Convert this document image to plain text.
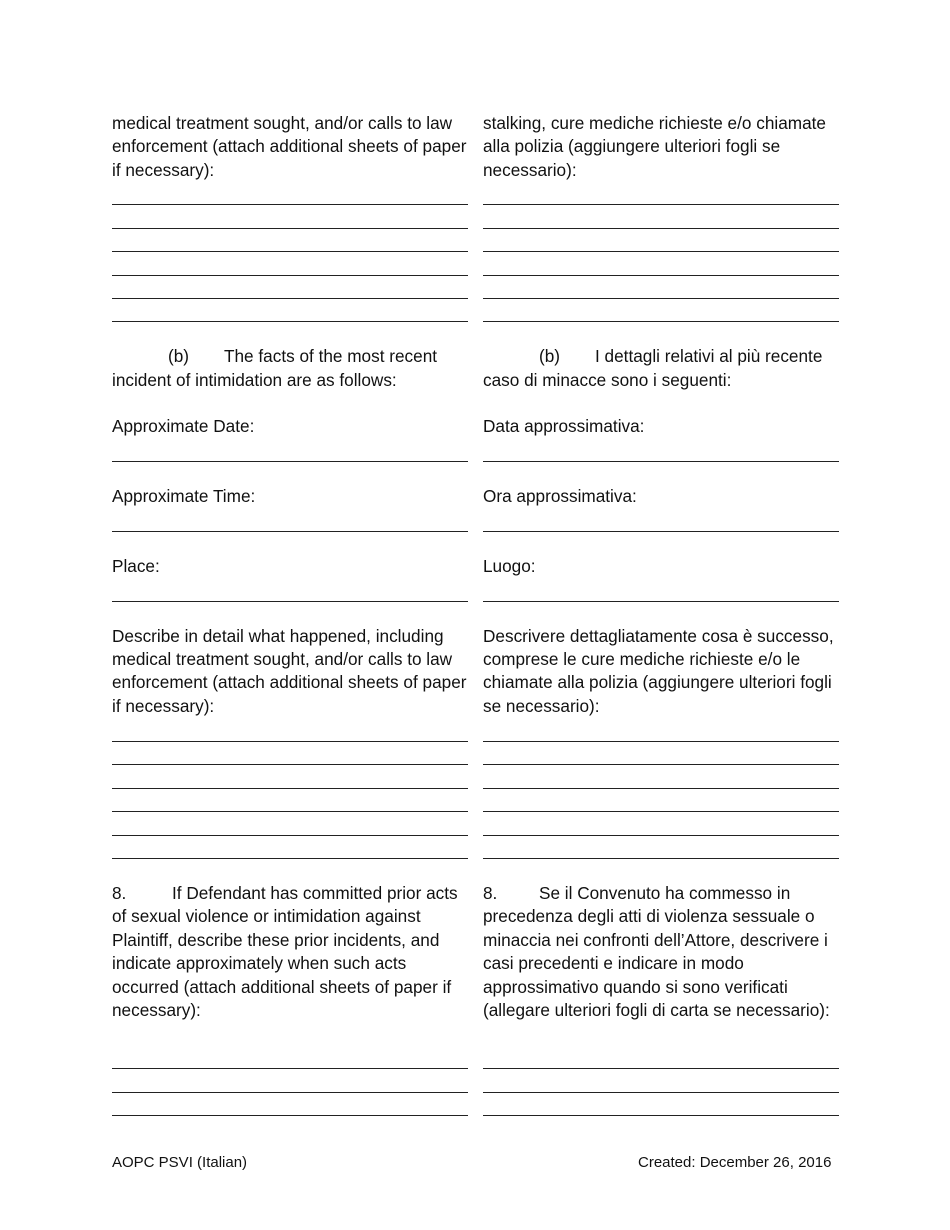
medical treatment sought, and/or calls to law enforcement (attach additional sheets of paper if necessary):

(b) The facts of the most recent incident of intimidation are as follows:

Approximate Date:

Approximate Time:

Place:

Describe in detail what happened, including medical treatment sought, and/or calls to law enforcement (attach additional sheets of paper if necessary):

8.	If Defendant has committed prior acts of sexual violence or intimidation against Plaintiff, describe these prior incidents, and indicate approximately when such acts occurred (attach additional sheets of paper if necessary):

stalking, cure mediche richieste e/o chiamate alla polizia (aggiungere ulteriori fogli se necessario):

(b) I dettagli relativi al più recente caso di minacce sono i seguenti:

Data approssimativa:

Ora approssimativa:

Luogo:

Descrivere dettagliatamente cosa è successo, comprese le cure mediche richieste e/o le chiamate alla polizia (aggiungere ulteriori fogli se necessario):

8. Se il Convenuto ha commesso in precedenza degli atti di violenza sessuale o minaccia nei confronti dell’Attore, descrivere i casi precedenti e indicare in modo approssimativo quando si sono verificati (allegare ulteriori fogli di carta se necessario):

AOPC PSVI (Italian)	Created: December 26, 2016
